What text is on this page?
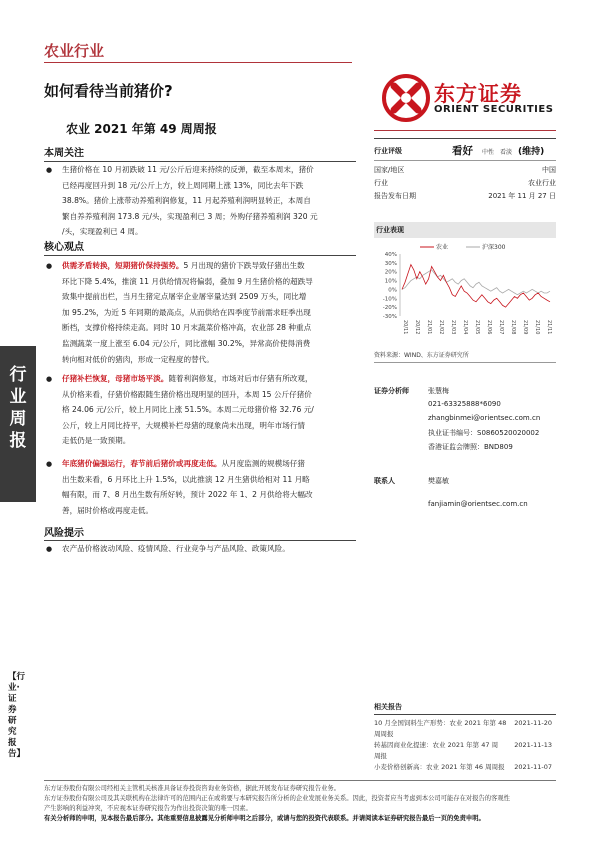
农业行业
如何看待当前猪价?
农业 2021 年第 49 周周报
东方证券
ORIENT SECURITIES
行业周报
【行业·证券研究报告】
本周关注
● 生猪价格在 10 月初跌破 11 元/公斤后迎来持续的反弹，截至本周末，猪价
已经再度回升到 18 元/公斤上方，较上周同期上涨 13%，同比去年下跌
38.8%。猪价上涨带动养殖利润修复，11 月起养殖利润明显转正，本周自
繁自养养殖利润 173.8 元/头，实现盈利已 3 周；外购仔猪养殖利润 320 元
/头，实现盈利已 4 周。
核心观点
● 供需矛盾转换，短期猪价保持强势。5 月出现的猪价下跌导致仔猪出生数
环比下降 5.4%，推演 11 月供给情况将偏弱，叠加 9 月生猪价格的超跌导
致集中提前出栏，当月生猪定点屠宰企业屠宰量达到 2509 万头，同比增
加 95.2%，为近 5 年同期的最高点，从而供给在四季度节前需求旺季出现
断档，支撑价格持续走高。同时 10 月末蔬菜价格冲高，农业部 28 种重点
监测蔬菜一度上涨至 6.04 元/公斤，同比涨幅 30.2%，异常高价使得消费
转向相对低价的猪肉，形成一定程度的替代。
● 仔猪补栏恢复，母猪市场平淡。随着利润修复，市场对后市仔猪有所改观，
从价格来看，仔猪价格跟随生猪价格出现明显的回升，本周 15 公斤仔猪价
格 24.06 元/公斤，较上月同比上涨 51.5%。本周二元母猪价格 32.76 元/
公斤，较上月同比持平，大规模补栏母猪的现象尚未出现，明年市场行情
走低仍是一致预期。
● 年底猪价偏强运行，春节前后猪价或再度走低。从月度监测的规模场仔猪
出生数来看，6 月环比上升 1.5%，以此推演 12 月生猪供给相对 11 月略
幅有限，而 7、8 月出生数有所好转，预计 2022 年 1、2 月供给将大幅改
善，届时价格或再度走低。
风险提示
● 农产品价格波动风险、疫情风险、行业竞争与产品风险、政策风险。
行业评级	看好 中性 看淡 (维持)
国家/地区	中国
行业	农业行业
报告发布日期	2021 年 11 月 27 日
行业表现
40%
30%
20%
10%
0%
-10%
-20%
-30%
20/11 20/12 21/01 21/02 21/03 21/04 21/05 21/06 21/07 21/08 21/09 21/10 21/11
农业	沪深300
资料来源：WIND、东方证券研究所
证券分析师	张慧梅
021-63325888*6090
zhangbinmei@orientsec.com.cn
执业证书编号：S0860520020002
香港证监会牌照：BND809
联系人	樊嘉敏
fanjiamin@orientsec.com.cn
相关报告
10 月全国饲料生产形势：农业 2021 年第 48 2021-11-20
周周报
转基因商业化提速：农业 2021 年第 47 周 2021-11-13
周报
小麦价格创新高：农业 2021 年第 46 周周报 2021-11-07
东方证券股份有限公司经相关主管机关核准具备证券投资咨询业务资格，据此开展发布证券研究报告业务。
东方证券股份有限公司及其关联机构在法律许可的范围内正在或将要与本研究报告所分析的企业发展业务关系。因此，投资者应当考虑到本公司可能存在对报告的客观性
产生影响的利益冲突，不应视本证券研究报告为作出投资决策的唯一因素。
有关分析师的申明，见本报告最后部分。其他重要信息披露见分析师申明之后部分，或请与您的投资代表联系。并请阅读本证券研究报告最后一页的免责申明。
